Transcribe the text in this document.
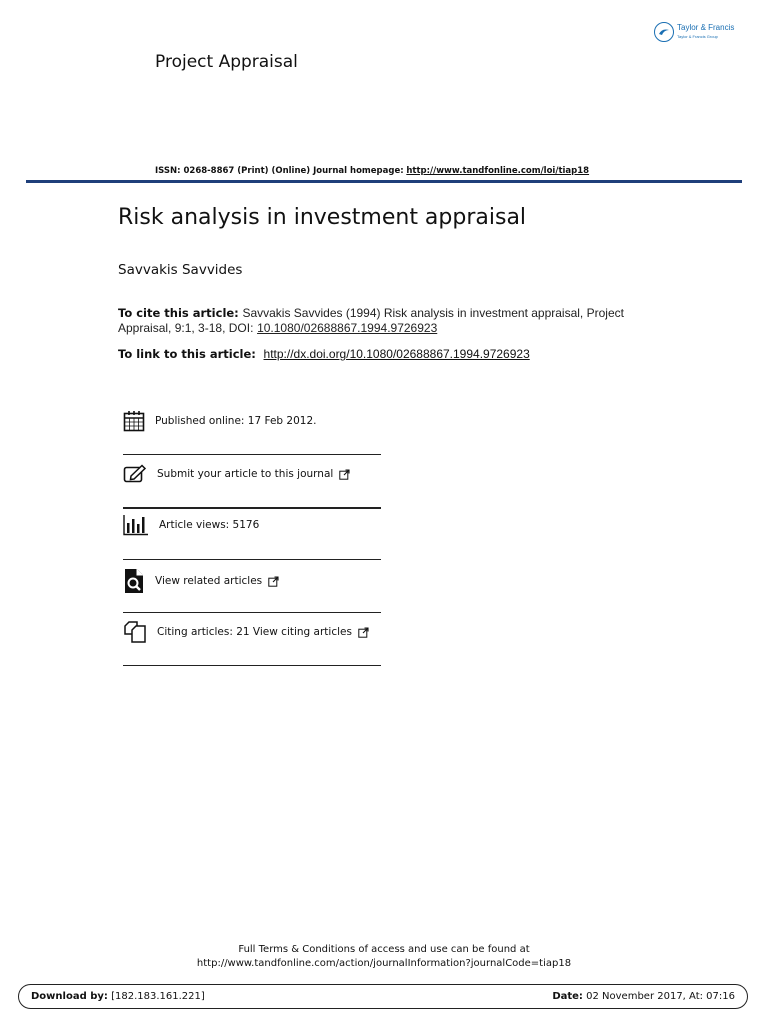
Taylor & Francis
Taylor & Francis Group
Project Appraisal
ISSN: 0268-8867 (Print) (Online) Journal homepage: http://www.tandfonline.com/loi/tiap18
Risk analysis in investment appraisal
Savvakis Savvides
To cite this article: Savvakis Savvides (1994) Risk analysis in investment appraisal, Project Appraisal, 9:1, 3-18, DOI: 10.1080/02688867.1994.9726923
To link to this article: http://dx.doi.org/10.1080/02688867.1994.9726923
Published online: 17 Feb 2012.
Submit your article to this journal
Article views: 5176
View related articles
Citing articles: 21 View citing articles
Full Terms & Conditions of access and use can be found at
http://www.tandfonline.com/action/journalInformation?journalCode=tiap18
Download by: [182.183.161.221]	Date: 02 November 2017, At: 07:16
